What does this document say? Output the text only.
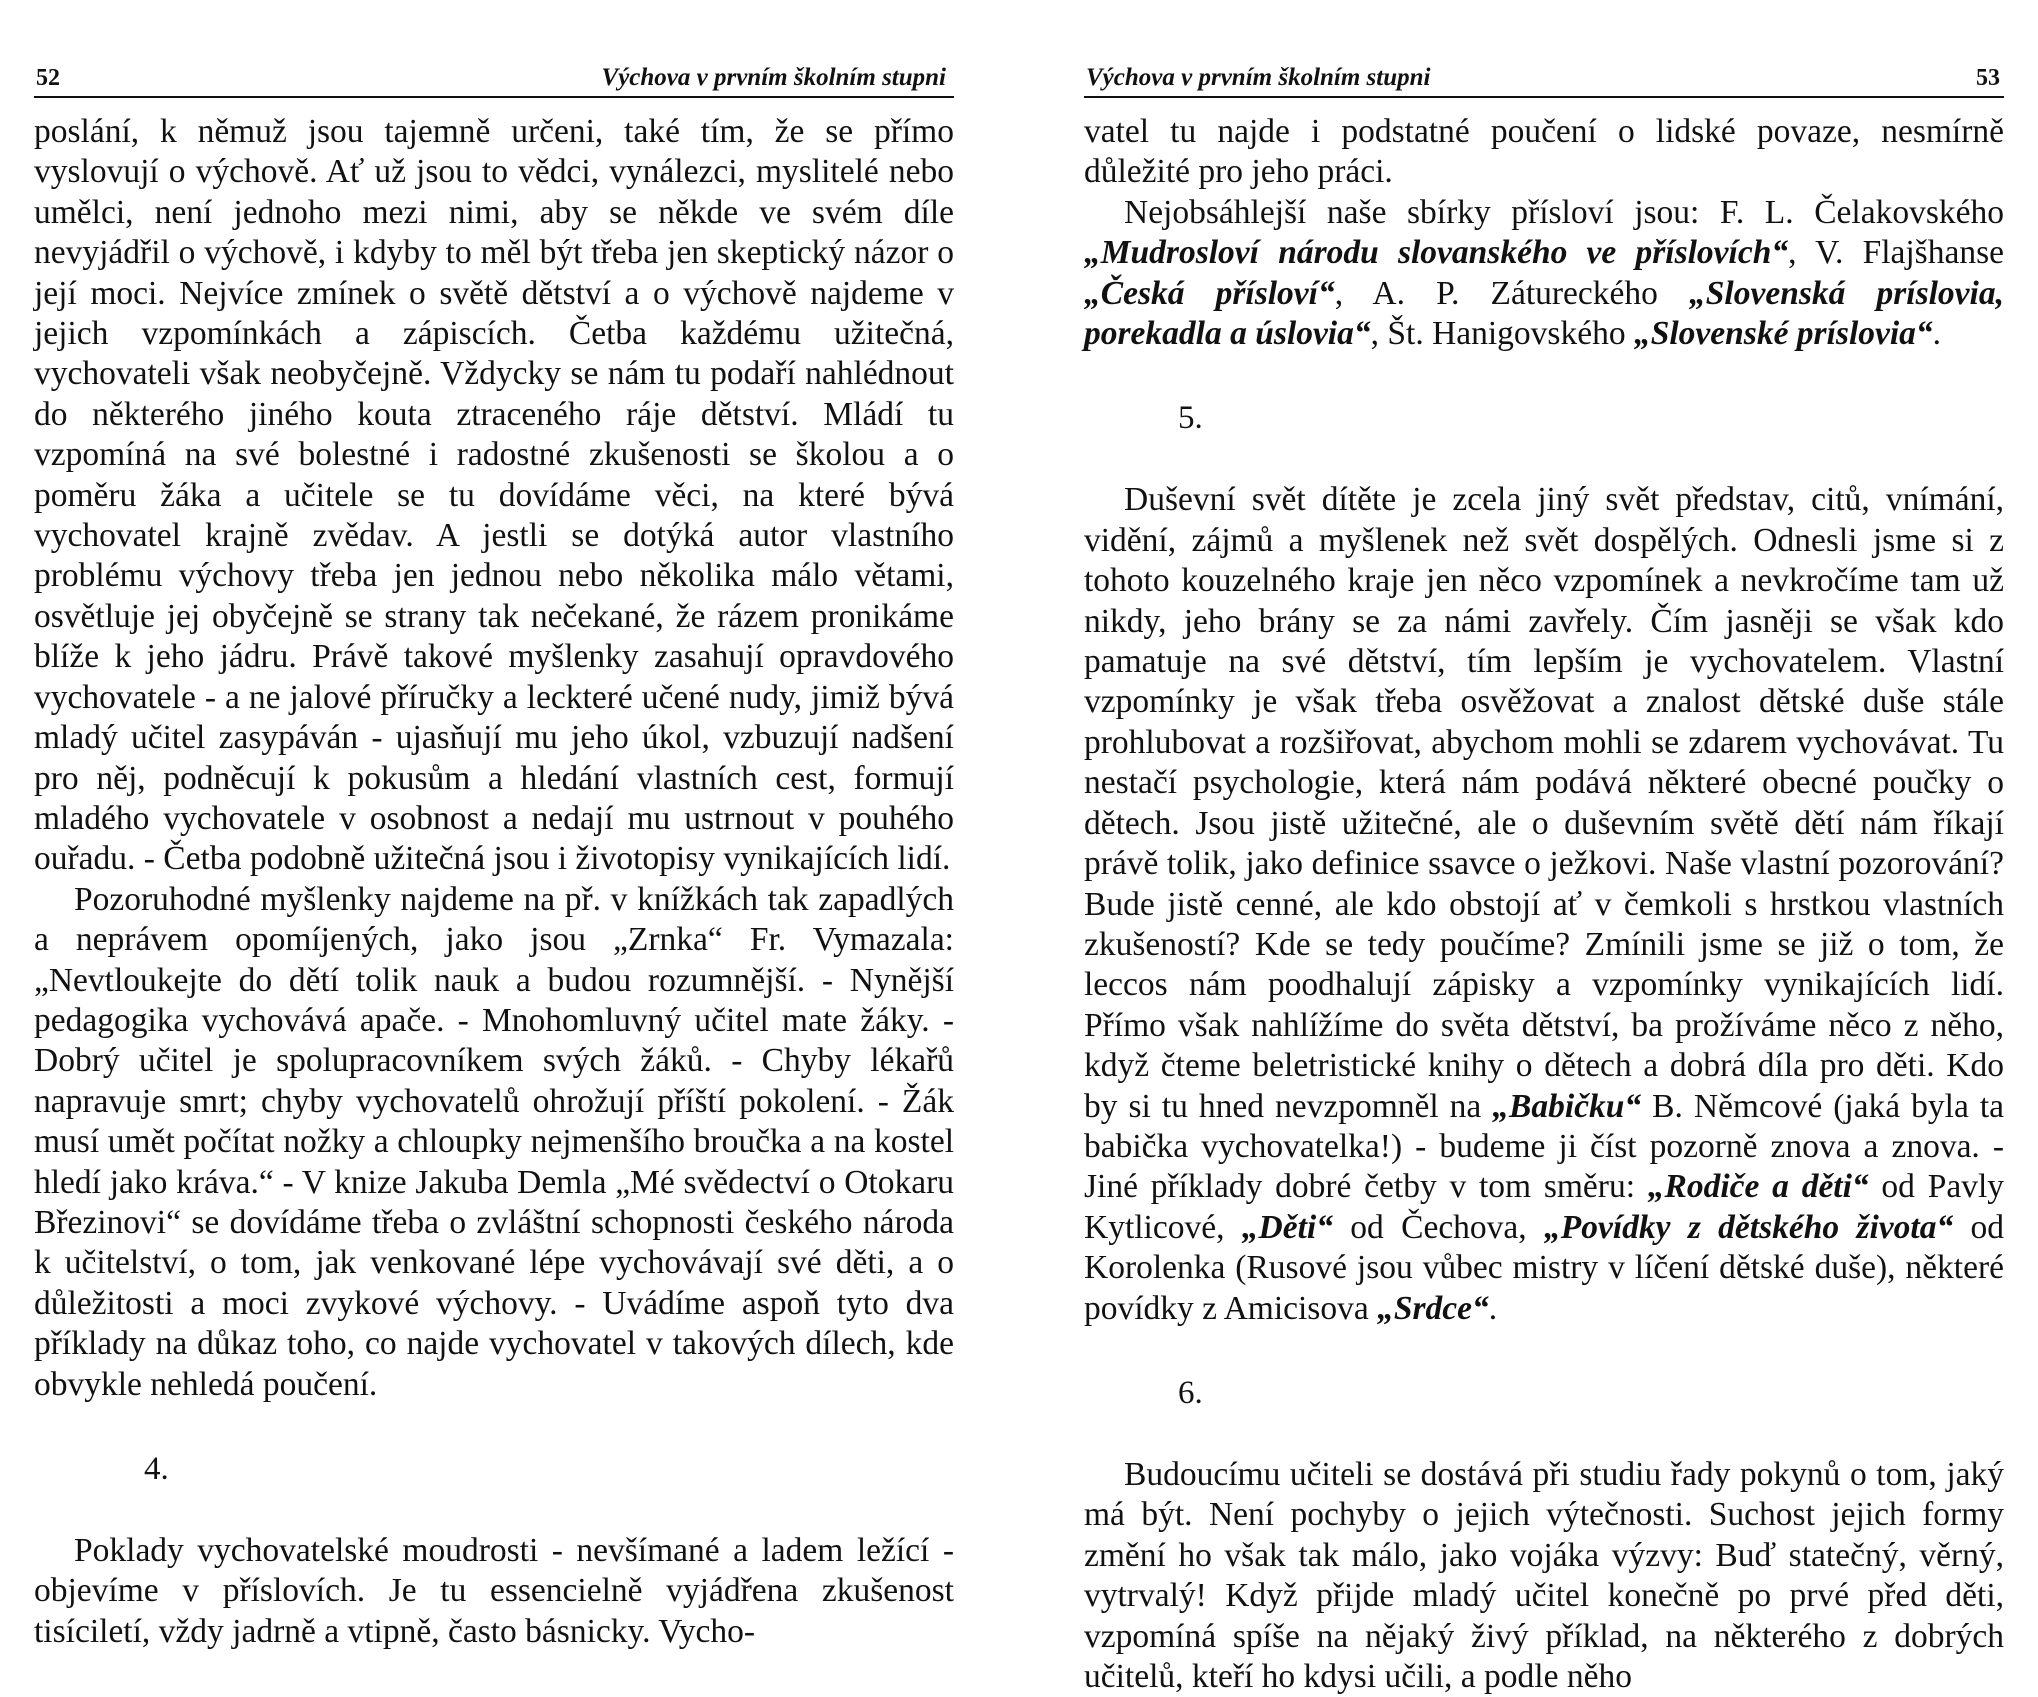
52	Výchova v prvním školním stupni

poslání, k němuž jsou tajemně určeni, také tím, že se přímo vyslovují o výchově. Ať už jsou to vědci, vynálezci, myslitelé nebo umělci, není jednoho mezi nimi, aby se někde ve svém díle nevyjádřil o výchově, i kdyby to měl být třeba jen skeptický názor o její moci. Nejvíce zmínek o světě dětství a o výchově najdeme v jejich vzpomínkách a zápiscích. Četba každému užitečná, vychovateli však neobyčejně. Vždycky se nám tu podaří nahlédnout do některého jiného kouta ztraceného ráje dětství. Mládí tu vzpomíná na své bolestné i radostné zkušenosti se školou a o poměru žáka a učitele se tu dovídáme věci, na které bývá vychovatel krajně zvědav. A jestli se dotýká autor vlastního problému výchovy třeba jen jednou nebo několika málo větami, osvětluje jej obyčejně se strany tak nečekané, že rázem pronikáme blíže k jeho jádru. Právě takové myšlenky zasahují opravdového vychovatele - a ne jalové příručky a leckteré učené nudy, jimiž bývá mladý učitel zasypáván - ujasňují mu jeho úkol, vzbuzují nadšení pro něj, podněcují k pokusům a hledání vlastních cest, formují mladého vychovatele v osobnost a nedají mu ustrnout v pouhého ouřadu. - Četba podobně užitečná jsou i životopisy vynikajících lidí.

Pozoruhodné myšlenky najdeme na př. v knížkách tak zapadlých a neprávem opomíjených, jako jsou „Zrnka“ Fr. Vymazala: „Nevtloukejte do dětí tolik nauk a budou rozumnější. - Nynější pedagogika vychovává apače. - Mnohomluvný učitel mate žáky. - Dobrý učitel je spolupracovníkem svých žáků. - Chyby lékařů napravuje smrt; chyby vychovatelů ohrožují příští pokolení. - Žák musí umět počítat nožky a chloupky nejmenšího broučka a na kostel hledí jako kráva.“ - V knize Jakuba Demla „Mé svědectví o Otokaru Březinovi“ se dovídáme třeba o zvláštní schopnosti českého národa k učitelství, o tom, jak venkované lépe vychovávají své děti, a o důležitosti a moci zvykové výchovy. - Uvádíme aspoň tyto dva příklady na důkaz toho, co najde vychovatel v takových dílech, kde obvykle nehledá poučení.

4.

Poklady vychovatelské moudrosti - nevšímané a ladem ležící - objevíme v příslovích. Je tu essencielně vyjádřena zkušenost tisíciletí, vždy jadrně a vtipně, často básnicky. Vycho-

Výchova v prvním školním stupni	53

vatel tu najde i podstatné poučení o lidské povaze, nesmírně důležité pro jeho práci.

Nejobsáhlejší naše sbírky přísloví jsou: F. L. Čelakovského „Mudrosloví národu slovanského ve příslovích“, V. Flajšhanse „Česká přísloví“, A. P. Zátureckého „Slovenská príslovia, porekadla a úslovia“, Št. Hanigovského „Slovenské príslovia“.

5.

Duševní svět dítěte je zcela jiný svět představ, citů, vnímání, vidění, zájmů a myšlenek než svět dospělých. Odnesli jsme si z tohoto kouzelného kraje jen něco vzpomínek a nevkročíme tam už nikdy, jeho brány se za námi zavřely. Čím jasněji se však kdo pamatuje na své dětství, tím lepším je vychovatelem. Vlastní vzpomínky je však třeba osvěžovat a znalost dětské duše stále prohlubovat a rozšiřovat, abychom mohli se zdarem vychovávat. Tu nestačí psychologie, která nám podává některé obecné poučky o dětech. Jsou jistě užitečné, ale o duševním světě dětí nám říkají právě tolik, jako definice ssavce o ježkovi. Naše vlastní pozorování? Bude jistě cenné, ale kdo obstojí ať v čemkoli s hrstkou vlastních zkušeností? Kde se tedy poučíme? Zmínili jsme se již o tom, že leccos nám poodhalují zápisky a vzpomínky vynikajících lidí. Přímo však nahlížíme do světa dětství, ba prožíváme něco z něho, když čteme beletristické knihy o dětech a dobrá díla pro děti. Kdo by si tu hned nevzpomněl na „Babičku“ B. Němcové (jaká byla ta babička vychovatelka!) - budeme ji číst pozorně znova a znova. - Jiné příklady dobré četby v tom směru: „Rodiče a děti“ od Pavly Kytlicové, „Děti“ od Čechova, „Povídky z dětského života“ od Korolenka (Rusové jsou vůbec mistry v líčení dětské duše), některé povídky z Amicisova „Srdce“.

6.

Budoucímu učiteli se dostává při studiu řady pokynů o tom, jaký má být. Není pochyby o jejich výtečnosti. Suchost jejich formy změní ho však tak málo, jako vojáka výzvy: Buď statečný, věrný, vytrvalý! Když přijde mladý učitel konečně po prvé před děti, vzpomíná spíše na nějaký živý příklad, na některého z dobrých učitelů, kteří ho kdysi učili, a podle něho
